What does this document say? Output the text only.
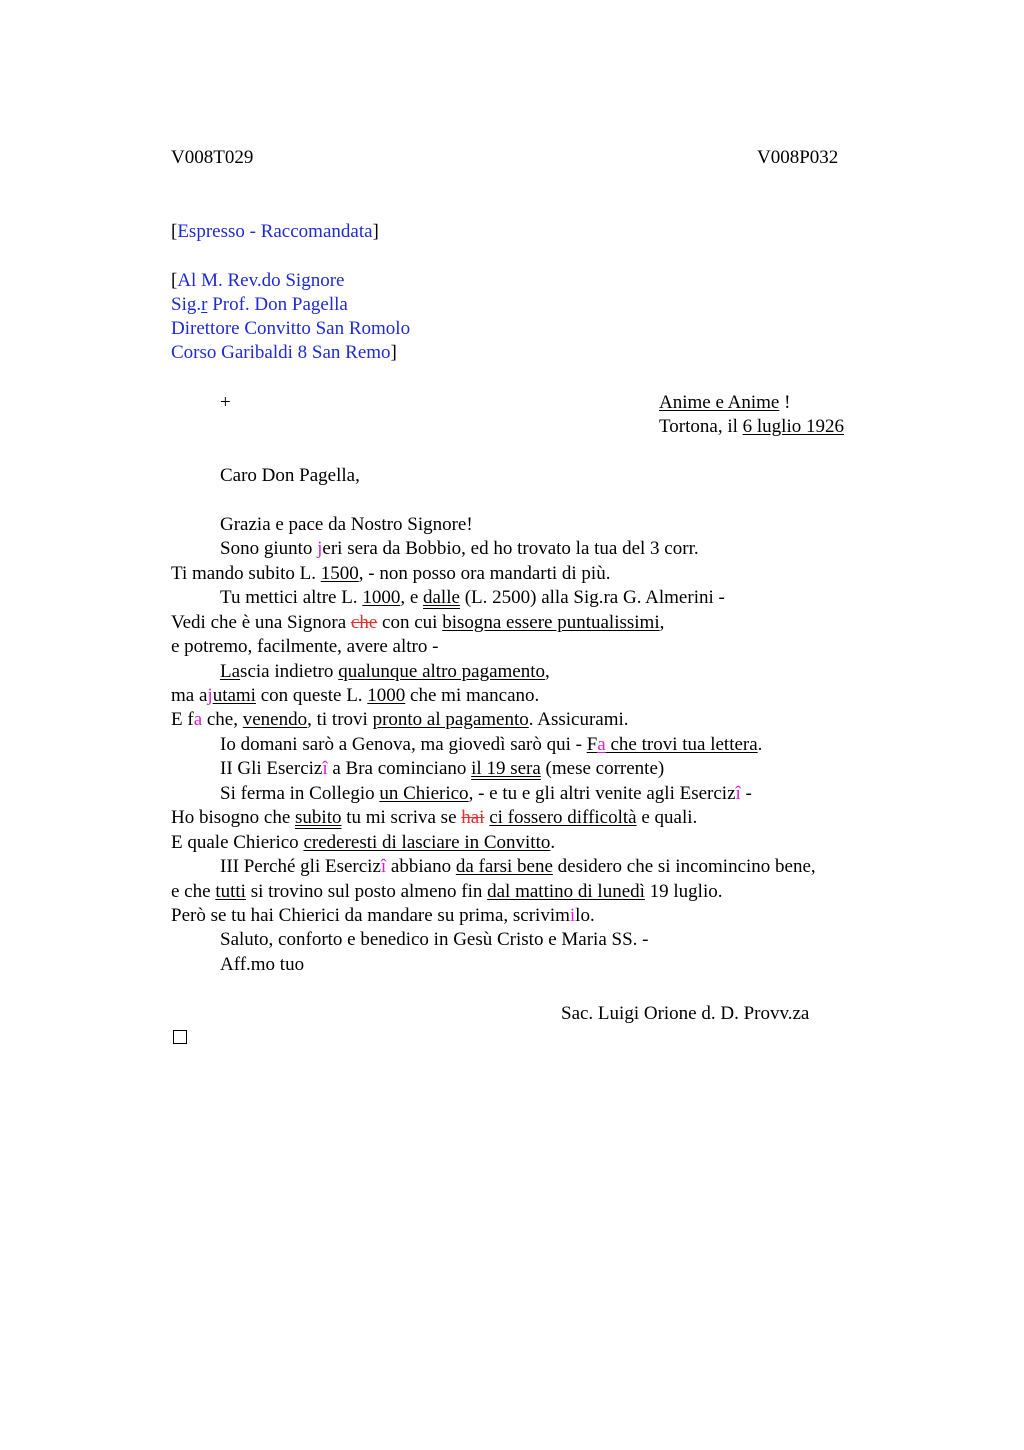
V008T029	V008P032
[Espresso - Raccomandata]
[Al M. Rev.do Signore
Sig.r Prof. Don Pagella
Direttore Convitto San Romolo
Corso Garibaldi 8 San Remo]
+	Anime e Anime !
Tortona, il 6 luglio 1926
Caro Don Pagella,
Grazia e pace da Nostro Signore!
Sono giunto jeri sera da Bobbio, ed ho trovato la tua del 3 corr.
Ti mando subito L. 1500, - non posso ora mandarti di più.
Tu mettici altre L. 1000, e dalle (L. 2500) alla Sig.ra G. Almerini -
Vedi che è una Signora che con cui bisogna essere puntualissimi,
e potremo, facilmente, avere altro -
Lascia indietro qualunque altro pagamento,
ma ajutami con queste L. 1000 che mi mancano.
E fa che, venendo, ti trovi pronto al pagamento. Assicurami.
Io domani sarò a Genova, ma giovedì sarò qui - Fa che trovi tua lettera.
II Gli Esercizî a Bra cominciano il 19 sera (mese corrente)
Si ferma in Collegio un Chierico, - e tu e gli altri venite agli Esercizî -
Ho bisogno che subito tu mi scriva se hai ci fossero difficoltà e quali.
E quale Chierico crederesti di lasciare in Convitto.
III Perché gli Esercizî abbiano da farsi bene desidero che si incomincino bene,
e che tutti si trovino sul posto almeno fin dal mattino di lunedì 19 luglio.
Però se tu hai Chierici da mandare su prima, scrivimilo.
Saluto, conforto e benedico in Gesù Cristo e Maria SS. -
Aff.mo tuo
Sac. Luigi Orione d. D. Provv.za
